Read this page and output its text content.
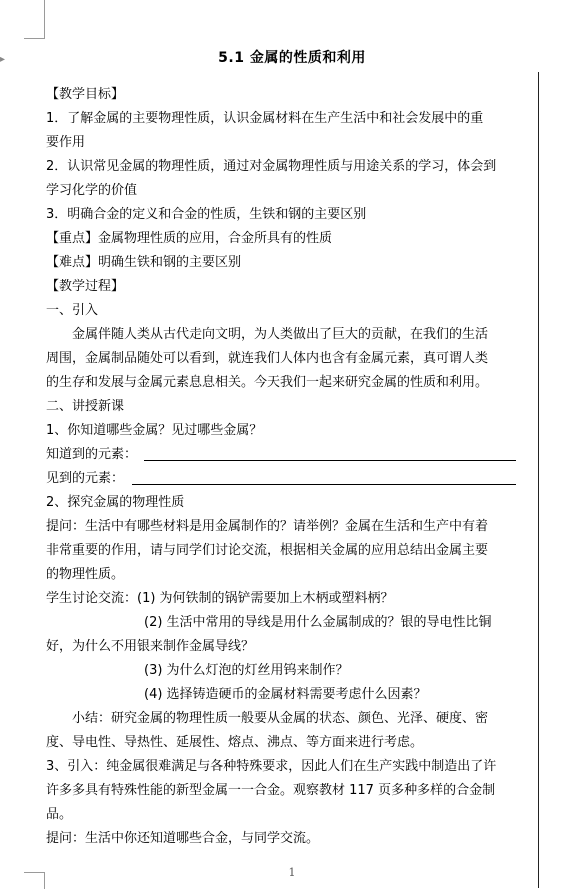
▸	5.1 金属的性质和利用
【教学目标】
1．了解金属的主要物理性质，认识金属材料在生产生活中和社会发展中的重
要作用
2．认识常见金属的物理性质，通过对金属物理性质与用途关系的学习，体会到
学习化学的价值
3．明确合金的定义和合金的性质，生铁和钢的主要区别
【重点】金属物理性质的应用，合金所具有的性质
【难点】明确生铁和钢的主要区别
【教学过程】
一、引入
金属伴随人类从古代走向文明，为人类做出了巨大的贡献，在我们的生活
周围，金属制品随处可以看到，就连我们人体内也含有金属元素，真可谓人类
的生存和发展与金属元素息息相关。今天我们一起来研究金属的性质和利用。
二、讲授新课
1、你知道哪些金属？见过哪些金属？
知道到的元素：
见到的元素：
2、探究金属的物理性质
提问：生活中有哪些材料是用金属制作的？请举例？金属在生活和生产中有着
非常重要的作用，请与同学们讨论交流，根据相关金属的应用总结出金属主要
的物理性质。
学生讨论交流：(1) 为何铁制的锅铲需要加上木柄或塑料柄？
(2) 生活中常用的导线是用什么金属制成的？银的导电性比铜
好，为什么不用银来制作金属导线？
(3) 为什么灯泡的灯丝用钨来制作？
(4) 选择铸造硬币的金属材料需要考虑什么因素？
小结：研究金属的物理性质一般要从金属的状态、颜色、光泽、硬度、密
度、导电性、导热性、延展性、熔点、沸点、等方面来进行考虑。
3、引入：纯金属很难满足与各种特殊要求，因此人们在生产实践中制造出了许
许多多具有特殊性能的新型金属一一合金。观察教材 117 页多种多样的合金制
品。
提问：生活中你还知道哪些合金，与同学交流。
1
